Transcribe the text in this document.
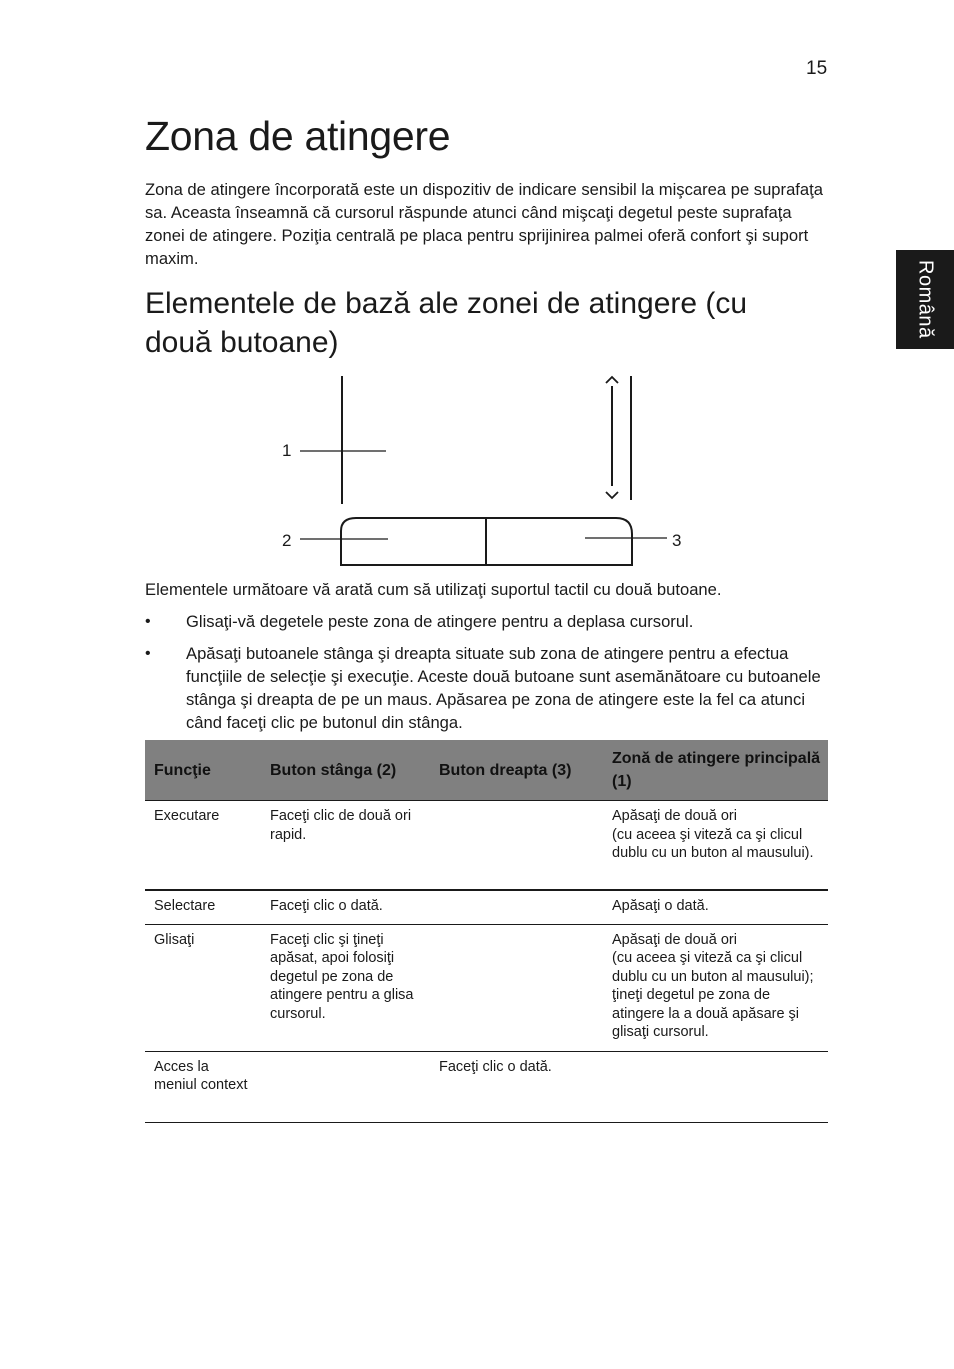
15
Română
Zona de atingere

Zona de atingere încorporată este un dispozitiv de indicare sensibil la mişcarea pe suprafaţa sa. Aceasta înseamnă că cursorul răspunde atunci când mişcaţi degetul peste suprafaţa zonei de atingere. Poziţia centrală pe placa pentru sprijinirea palmei oferă confort şi suport maxim.

Elementele de bază ale zonei de atingere (cu două butoane)
1
2	3

Elementele următoare vă arată cum să utilizaţi suportul tactil cu două butoane.

• Glisaţi-vă degetele peste zona de atingere pentru a deplasa cursorul.
• Apăsaţi butoanele stânga şi dreapta situate sub zona de atingere pentru a efectua funcţiile de selecţie şi execuţie. Aceste două butoane sunt asemănătoare cu butoanele stânga şi dreapta de pe un maus. Apăsarea pe zona de atingere este la fel ca atunci când faceţi clic pe butonul din stânga.
Funcţie	Buton stânga (2)	Buton dreapta (3)	Zonă de atingere principală (1)
Executare	Faceţi clic de două ori rapid.		Apăsaţi de două ori
(cu aceea şi viteză ca şi clicul dublu cu un buton al mausului).
Selectare	Faceţi clic o dată.		Apăsaţi o dată.
Glisaţi	Faceţi clic şi ţineţi apăsat, apoi folosiţi degetul pe zona de atingere pentru a glisa cursorul.		Apăsaţi de două ori
(cu aceea şi viteză ca şi clicul dublu cu un buton al mausului); ţineţi degetul pe zona de atingere la a două apăsare şi glisaţi cursorul.
Acces la meniul context		Faceţi clic o dată.	
